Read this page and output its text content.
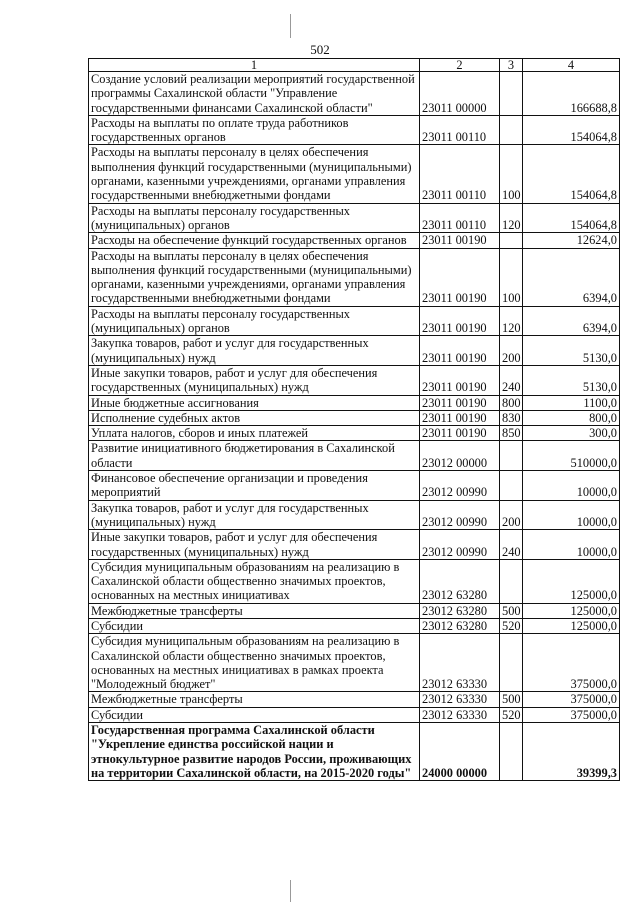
502
1	2	3	4
Создание условий реализации мероприятий государственной программы Сахалинской области "Управление государственными финансами Сахалинской области"	23011 00000		166688,8
Расходы на выплаты по оплате труда работников государственных органов	23011 00110		154064,8
Расходы на выплаты персоналу в целях обеспечения выполнения функций государственными (муниципальными) органами, казенными учреждениями, органами управления государственными внебюджетными фондами	23011 00110	100	154064,8
Расходы на выплаты персоналу государственных (муниципальных) органов	23011 00110	120	154064,8
Расходы на обеспечение функций государственных органов	23011 00190		12624,0
Расходы на выплаты персоналу в целях обеспечения выполнения функций государственными (муниципальными) органами, казенными учреждениями, органами управления государственными внебюджетными фондами	23011 00190	100	6394,0
Расходы на выплаты персоналу государственных (муниципальных) органов	23011 00190	120	6394,0
Закупка товаров, работ и услуг для государственных (муниципальных) нужд	23011 00190	200	5130,0
Иные закупки товаров, работ и услуг для обеспечения государственных (муниципальных) нужд	23011 00190	240	5130,0
Иные бюджетные ассигнования	23011 00190	800	1100,0
Исполнение судебных актов	23011 00190	830	800,0
Уплата налогов, сборов и иных платежей	23011 00190	850	300,0
Развитие инициативного бюджетирования в Сахалинской области	23012 00000		510000,0
Финансовое обеспечение организации и проведения мероприятий	23012 00990		10000,0
Закупка товаров, работ и услуг для государственных (муниципальных) нужд	23012 00990	200	10000,0
Иные закупки товаров, работ и услуг для обеспечения государственных (муниципальных) нужд	23012 00990	240	10000,0
Субсидия муниципальным образованиям на реализацию в Сахалинской области общественно значимых проектов, основанных на местных инициативах	23012 63280		125000,0
Межбюджетные трансферты	23012 63280	500	125000,0
Субсидии	23012 63280	520	125000,0
Субсидия муниципальным образованиям на реализацию в Сахалинской области общественно значимых проектов, основанных на местных инициативах в рамках проекта "Молодежный бюджет"	23012 63330		375000,0
Межбюджетные трансферты	23012 63330	500	375000,0
Субсидии	23012 63330	520	375000,0
Государственная программа Сахалинской области "Укрепление единства российской нации и этнокультурное развитие народов России, проживающих на территории Сахалинской области, на 2015-2020 годы"	24000 00000		39399,3
